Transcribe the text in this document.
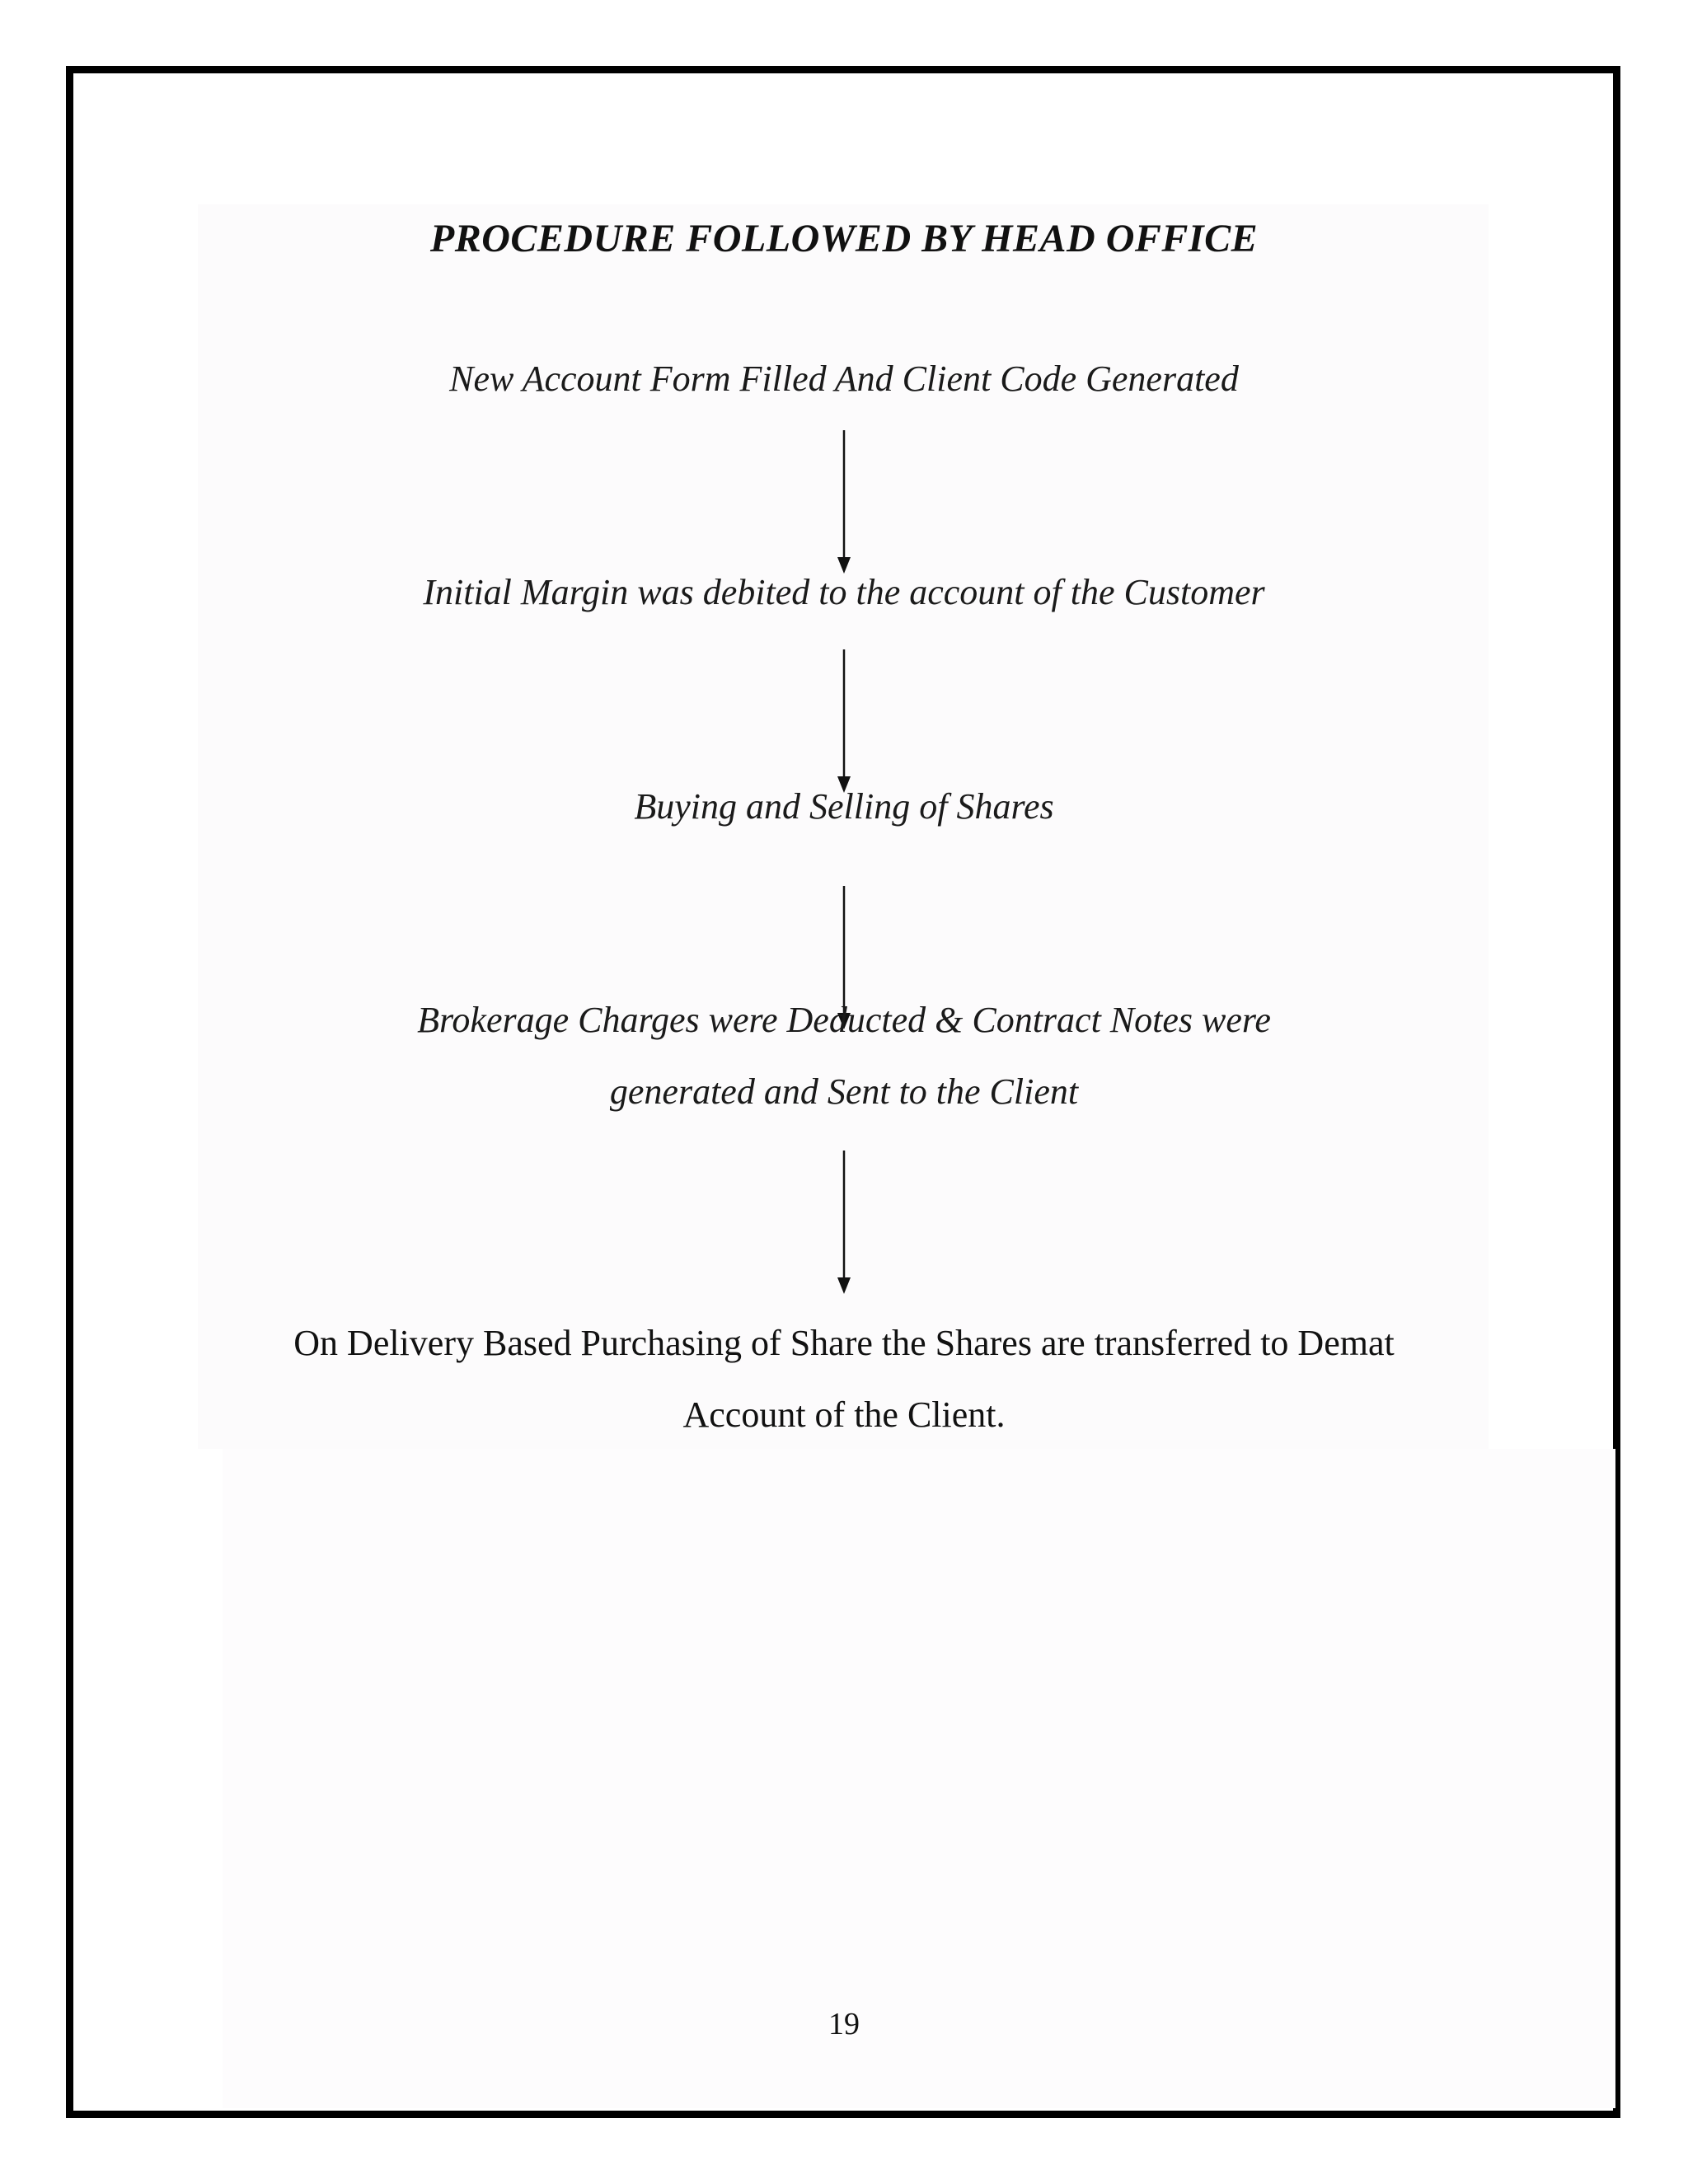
PROCEDURE FOLLOWED BY HEAD OFFICE
New Account Form Filled And Client Code Generated
Initial Margin was debited to the account of the Customer
Buying and Selling of Shares
Brokerage Charges were Deducted & Contract Notes were
generated and Sent to the Client
On Delivery Based Purchasing of Share the Shares are transferred to Demat
Account of the Client.
19
